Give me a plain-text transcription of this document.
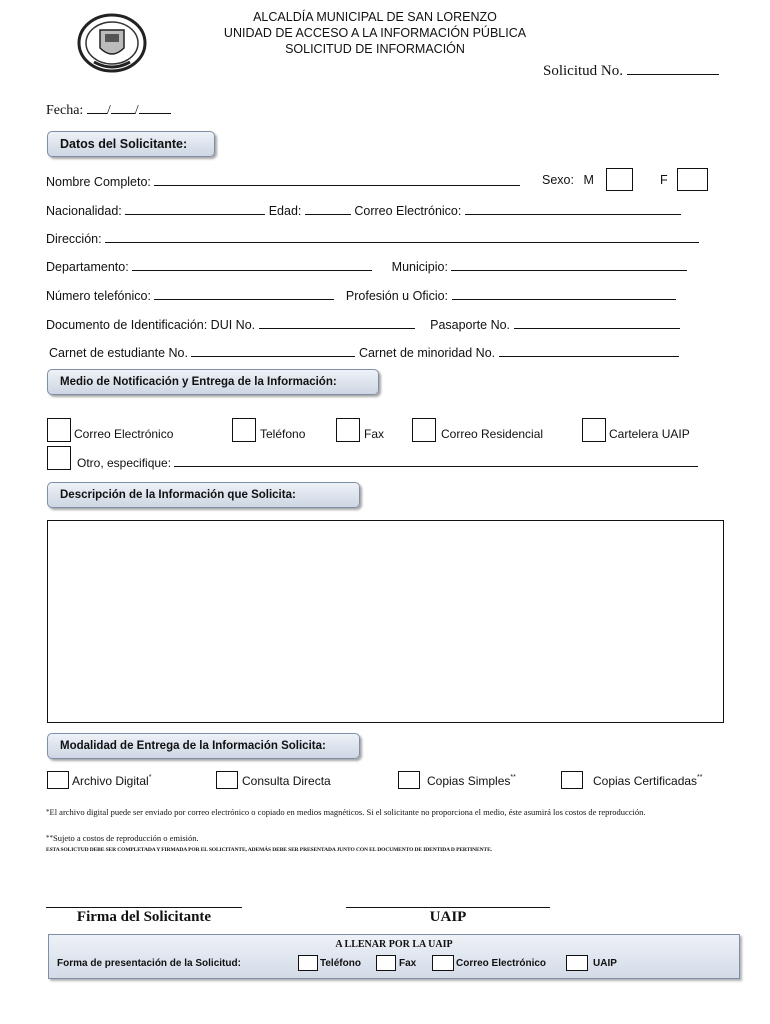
ALCALDÍA MUNICIPAL DE SAN LORENZO
UNIDAD DE ACCESO A LA INFORMACIÓN PÚBLICA
SOLICITUD DE INFORMACIÓN
Solicitud No.
Fecha: / /
Datos del Solicitante:
Nombre Completo:	Sexo: M	F
Nacionalidad:	Edad:	Correo Electrónico:
Dirección:
Departamento:	Municipio:
Número telefónico:	Profesión u Oficio:
Documento de Identificación: DUI No.	Pasaporte No.
Carnet de estudiante No.	Carnet de minoridad No.
Medio de Notificación y Entrega de la Información:
Correo Electrónico	Teléfono	Fax	Correo Residencial	Cartelera UAIP
Otro, especifique:
Descripción de la Información que Solicita:
Modalidad de Entrega de la Información Solicita:
Archivo Digital*	Consulta Directa	Copias Simples**	Copias Certificadas**
*El archivo digital puede ser enviado por correo electrónico o copiado en medios magnéticos. Si el solicitante no proporciona el medio, éste asumirá los costos de reproducción.
**Sujeto a costos de reproducción o emisión.
ESTA SOLICTUD DEBE SER COMPLETADA Y FIRMADA POR EL SOLICITANTE, ADEMÁS DEBE SER PRESENTADA JUNTO CON EL DOCUMENTO DE IDENTIDA D PERTINENTE.
Firma del Solicitante	UAIP
A LLENAR POR LA UAIP
Forma de presentación de la Solicitud:	Teléfono	Fax	Correo Electrónico	UAIP
